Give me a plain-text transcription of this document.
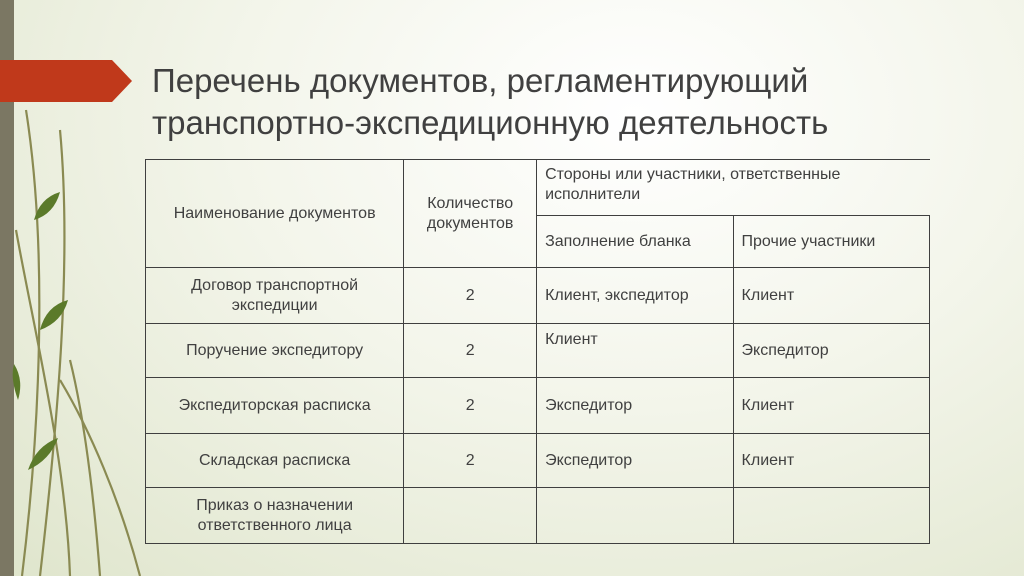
Перечень документов, регламентирующий
транспортно-экспедиционную деятельность
Наименование документов	Количество документов	Стороны или участники, ответственные исполнители	
		Заполнение бланка	Прочие участники
Договор транспортной экспедиции	2	Клиент, экспедитор	Клиент
Поручение экспедитору	2	Клиент	Экспедитор
Экспедиторская расписка	2	Экспедитор	Клиент
Складская расписка	2	Экспедитор	Клиент
Приказ о назначении ответственного лица			
